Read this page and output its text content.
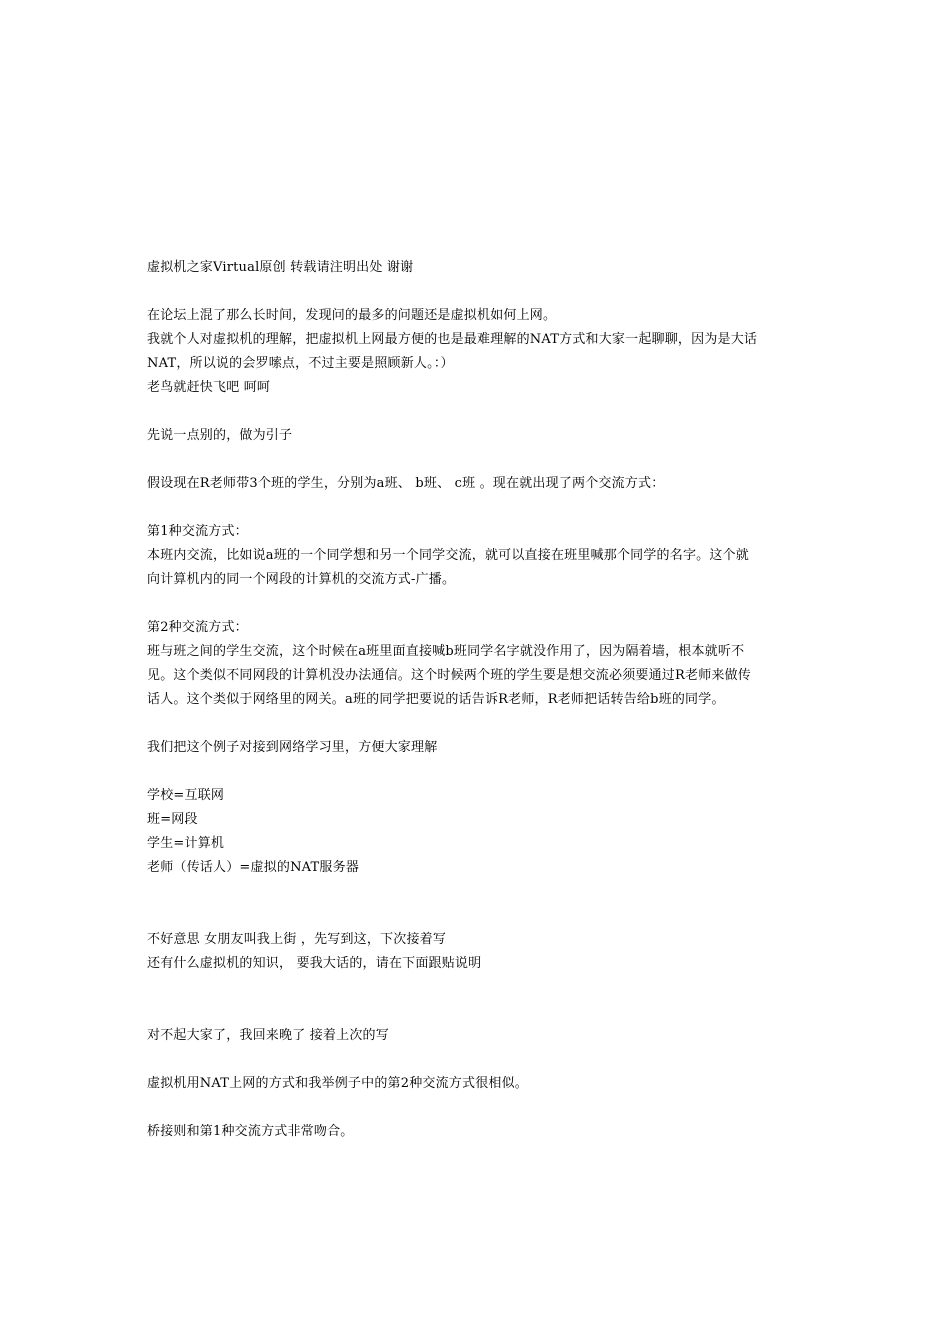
虚拟机之家Virtual原创 转载请注明出处 谢谢
在论坛上混了那么长时间，发现问的最多的问题还是虚拟机如何上网。
我就个人对虚拟机的理解，把虚拟机上网最方便的也是最难理解的NAT方式和大家一起聊聊，因为是大话
NAT，所以说的会罗嗦点，不过主要是照顾新人。：）
老鸟就赶快飞吧 呵呵
先说一点别的，做为引子
假设现在R老师带3个班的学生，分别为a班、 b班、 c班 。现在就出现了两个交流方式：
第1种交流方式：
本班内交流，比如说a班的一个同学想和另一个同学交流，就可以直接在班里喊那个同学的名字。这个就
向计算机内的同一个网段的计算机的交流方式-广播。
第2种交流方式：
班与班之间的学生交流，这个时候在a班里面直接喊b班同学名字就没作用了，因为隔着墙，根本就听不
见。这个类似不同网段的计算机没办法通信。这个时候两个班的学生要是想交流必须要通过R老师来做传
话人。这个类似于网络里的网关。a班的同学把要说的话告诉R老师，R老师把话转告给b班的同学。
我们把这个例子对接到网络学习里，方便大家理解
学校=互联网
班=网段
学生=计算机
老师（传话人）=虚拟的NAT服务器
不好意思 女朋友叫我上街 ，先写到这，下次接着写
还有什么虚拟机的知识， 要我大话的，请在下面跟贴说明
对不起大家了，我回来晚了 接着上次的写
虚拟机用NAT上网的方式和我举例子中的第2种交流方式很相似。
桥接则和第1种交流方式非常吻合。
